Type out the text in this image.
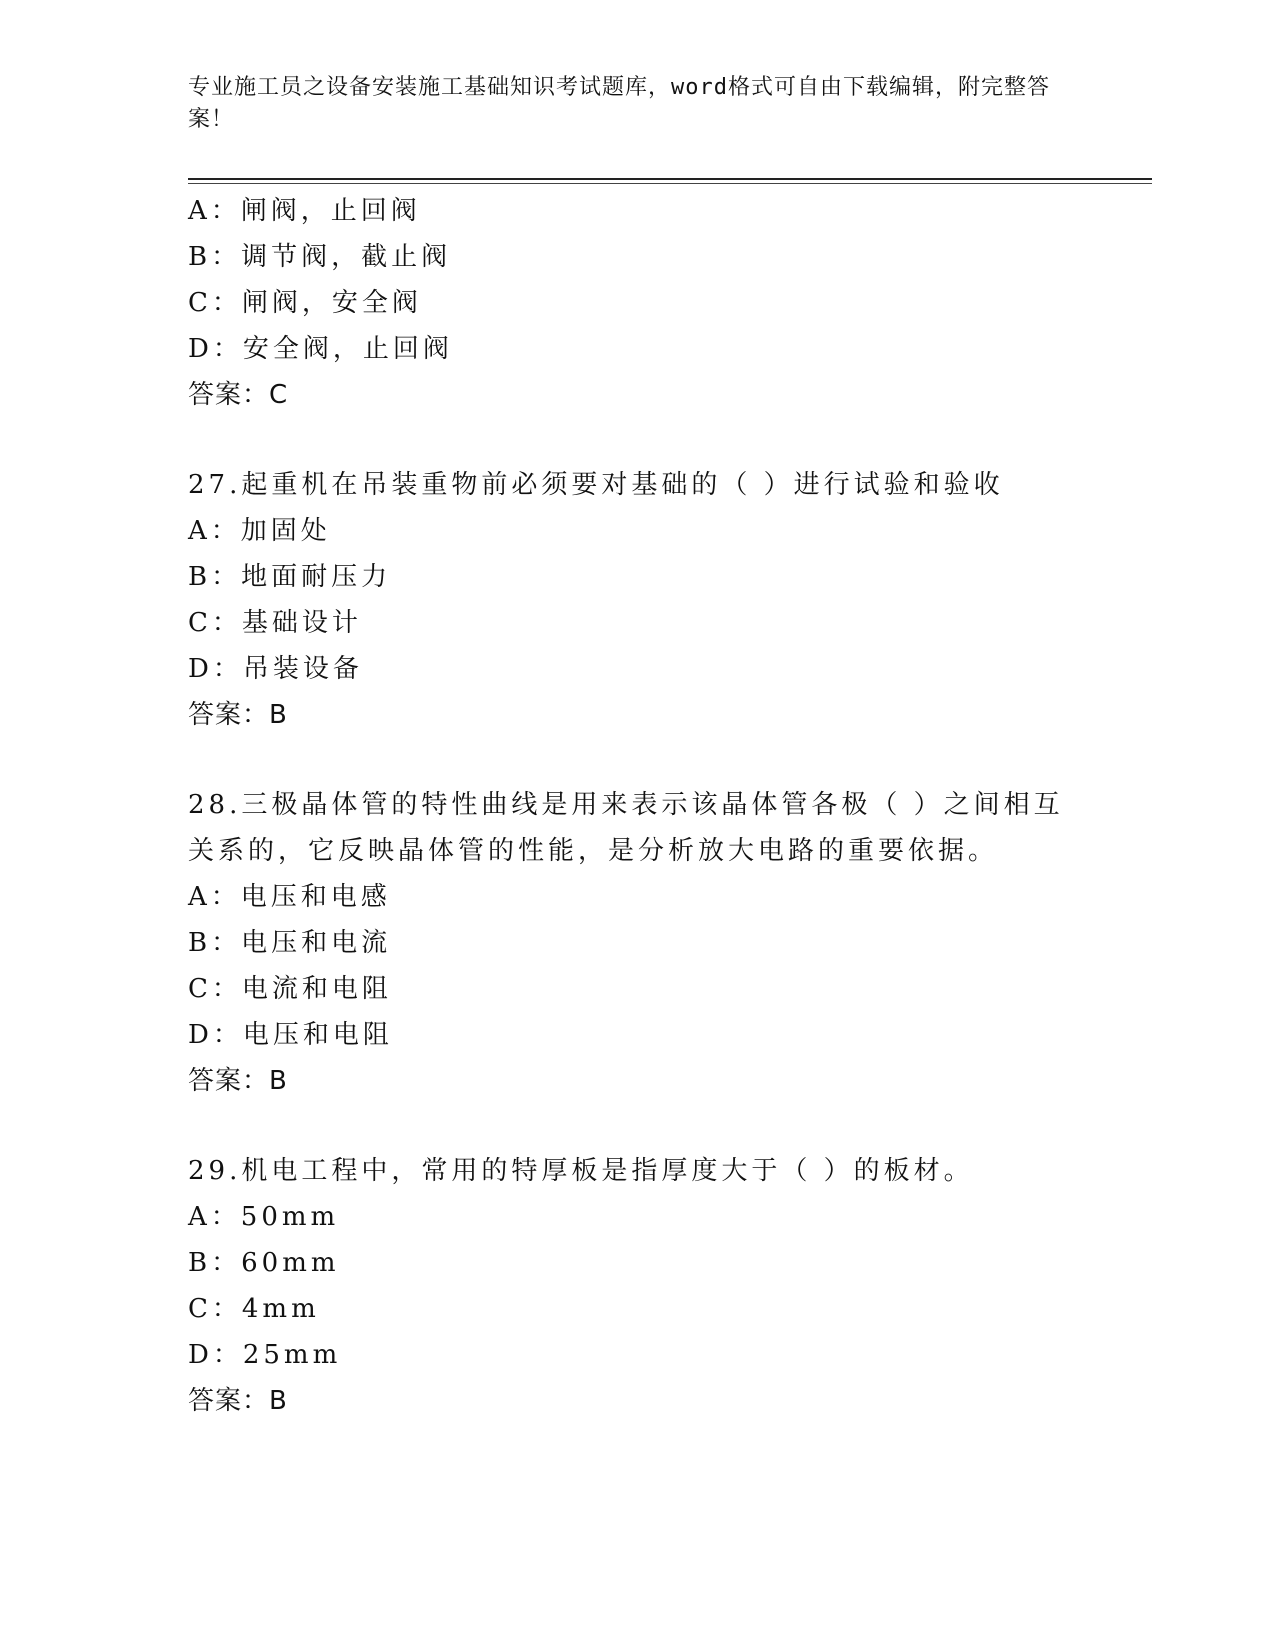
专业施工员之设备安装施工基础知识考试题库，word格式可自由下载编辑，附完整答案！
A：闸阀，止回阀
B：调节阀，截止阀
C：闸阀，安全阀
D：安全阀，止回阀
答案：C
27.起重机在吊装重物前必须要对基础的（ ）进行试验和验收
A：加固处
B：地面耐压力
C：基础设计
D：吊装设备
答案：B
28.三极晶体管的特性曲线是用来表示该晶体管各极（ ）之间相互关系的，它反映晶体管的性能，是分析放大电路的重要依据。
A：电压和电感
B：电压和电流
C：电流和电阻
D：电压和电阻
答案：B
29.机电工程中，常用的特厚板是指厚度大于（ ）的板材。
A：50mm
B：60mm
C：4mm
D：25mm
答案：B
